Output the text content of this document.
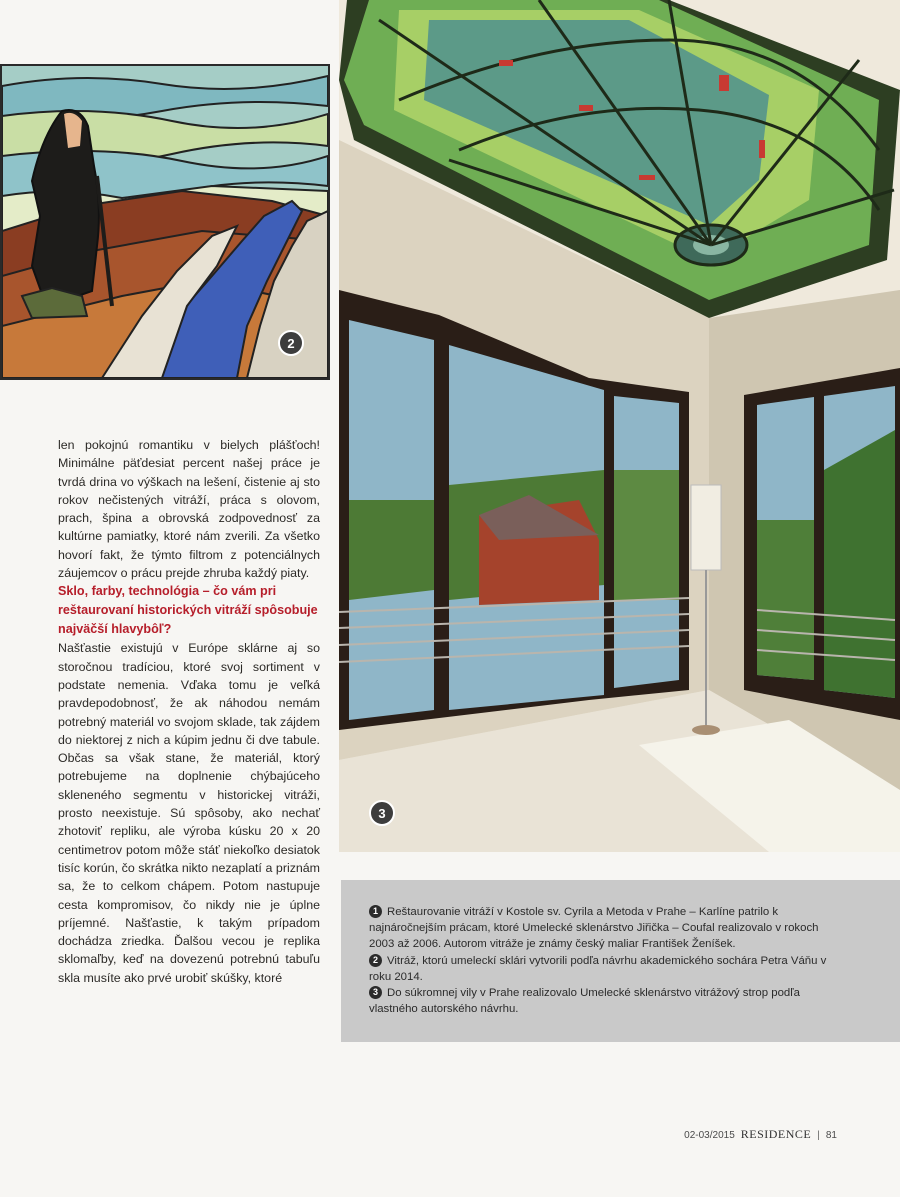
2

len pokojnú romantiku v bielych plášťoch! Minimálne päťdesiat percent našej práce je tvrdá drina vo výškach na lešení, čistenie aj sto rokov nečistených vitráží, práca s olovom, prach, špina a obrovská zodpovednosť za kultúrne pamiatky, ktoré nám zverili. Za všetko hovorí fakt, že týmto filtrom z potenciálnych záujemcov o prácu prejde zhruba každý piaty.

Sklo, farby, technológia – čo vám pri reštaurovaní historických vitráží spôsobuje najväčší hlavybôľ?

Našťastie existujú v Európe sklárne aj so storočnou tradíciou, ktoré svoj sortiment v podstate nemenia. Vďaka tomu je veľká pravdepodobnosť, že ak náhodou nemám potrebný materiál vo svojom sklade, tak zájdem do niektorej z nich a kúpim jednu či dve tabule. Občas sa však stane, že materiál, ktorý potrebujeme na doplnenie chýbajúceho skleneného segmentu v historickej vitráži, prosto neexistuje. Sú spôsoby, ako nechať zhotoviť repliku, ale výroba kúsku 20 x 20 centimetrov potom môže stáť niekoľko desiatok tisíc korún, čo skrátka nikto nezaplatí a priznám sa, že to celkom chápem. Potom nastupuje cesta kompromisov, čo nikdy nie je úplne príjemné. Našťastie, k takým prípadom dochádza zriedka. Ďalšou vecou je replika sklomaľby, keď na dovezenú potrebnú tabuľu skla musíte ako prvé urobiť skúšky, ktoré

3

1 Reštaurovanie vitráží v Kostole sv. Cyrila a Metoda v Prahe – Karlíne patrilo k najnáročnejším prácam, ktoré Umelecké sklenárstvo Jiřička – Coufal realizovalo v rokoch 2003 až 2006. Autorom vitráže je známy český maliar František Ženíšek.

2 Vitráž, ktorú umeleckí sklári vytvorili podľa návrhu akademického sochára Petra Váňu v roku 2014.

3 Do súkromnej vily v Prahe realizovalo Umelecké sklenárstvo vitrážový strop podľa vlastného autorského návrhu.

02-03/2015 RESIDENCE | 81
